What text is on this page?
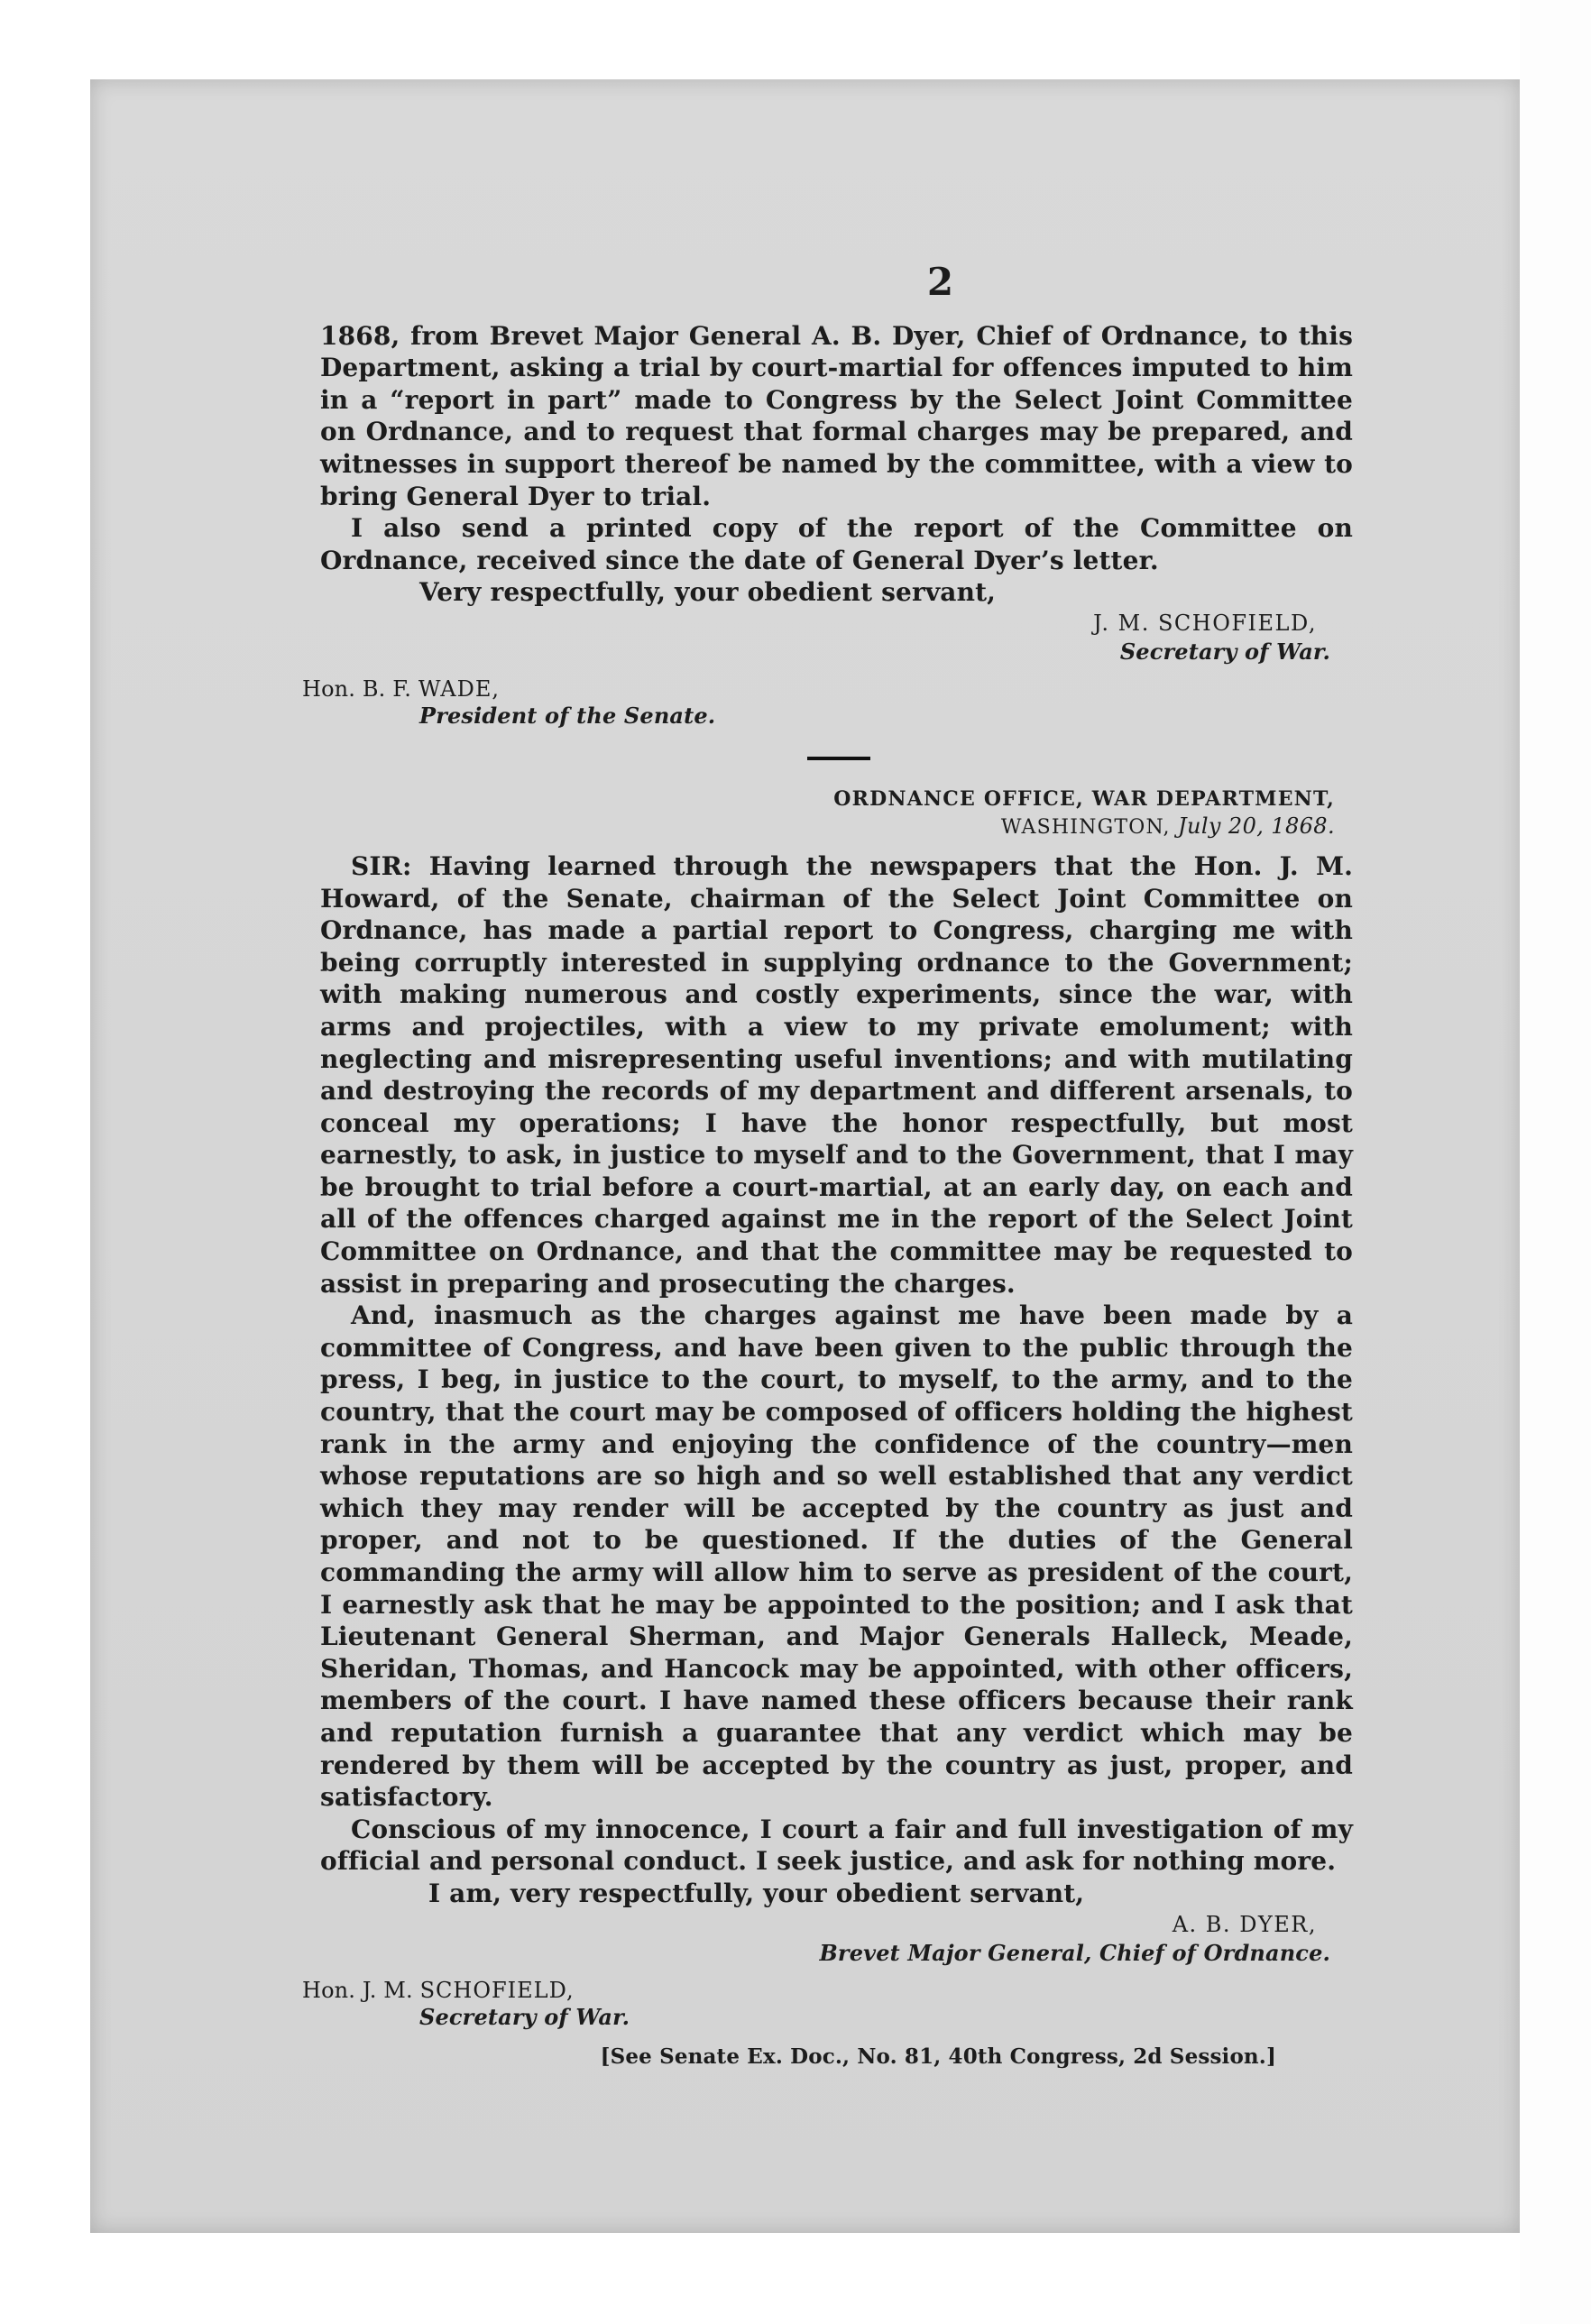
2

1868, from Brevet Major General A. B. Dyer, Chief of Ordnance, to this Department, asking a trial by court-martial for offences imputed to him in a “report in part” made to Congress by the Select Joint Committee on Ordnance, and to request that formal charges may be prepared, and witnesses in support thereof be named by the committee, with a view to bring General Dyer to trial.

I also send a printed copy of the report of the Committee on Ordnance, received since the date of General Dyer’s letter.

Very respectfully, your obedient servant,

J. M. SCHOFIELD,
Secretary of War.
Hon. B. F. WADE,
President of the Senate.
ORDNANCE OFFICE, WAR DEPARTMENT,
WASHINGTON, July 20, 1868.

SIR: Having learned through the newspapers that the Hon. J. M. Howard, of the Senate, chairman of the Select Joint Committee on Ordnance, has made a partial report to Congress, charging me with being corruptly interested in supplying ordnance to the Government; with making numerous and costly experiments, since the war, with arms and projectiles, with a view to my private emolument; with neglecting and misrepresenting useful inventions; and with mutilating and destroying the records of my department and different arsenals, to conceal my operations; I have the honor respectfully, but most earnestly, to ask, in justice to myself and to the Government, that I may be brought to trial before a court-martial, at an early day, on each and all of the offences charged against me in the report of the Select Joint Committee on Ordnance, and that the committee may be requested to assist in preparing and prosecuting the charges.

And, inasmuch as the charges against me have been made by a committee of Congress, and have been given to the public through the press, I beg, in justice to the court, to myself, to the army, and to the country, that the court may be composed of officers holding the highest rank in the army and enjoying the confidence of the country—men whose reputations are so high and so well established that any verdict which they may render will be accepted by the country as just and proper, and not to be questioned. If the duties of the General commanding the army will allow him to serve as president of the court, I earnestly ask that he may be appointed to the position; and I ask that Lieutenant General Sherman, and Major Generals Halleck, Meade, Sheridan, Thomas, and Hancock may be appointed, with other officers, members of the court. I have named these officers because their rank and reputation furnish a guarantee that any verdict which may be rendered by them will be accepted by the country as just, proper, and satisfactory.

Conscious of my innocence, I court a fair and full investigation of my official and personal conduct. I seek justice, and ask for nothing more.

I am, very respectfully, your obedient servant,

A. B. DYER,
Brevet Major General, Chief of Ordnance.
Hon. J. M. SCHOFIELD,
Secretary of War.
[See Senate Ex. Doc., No. 81, 40th Congress, 2d Session.]
